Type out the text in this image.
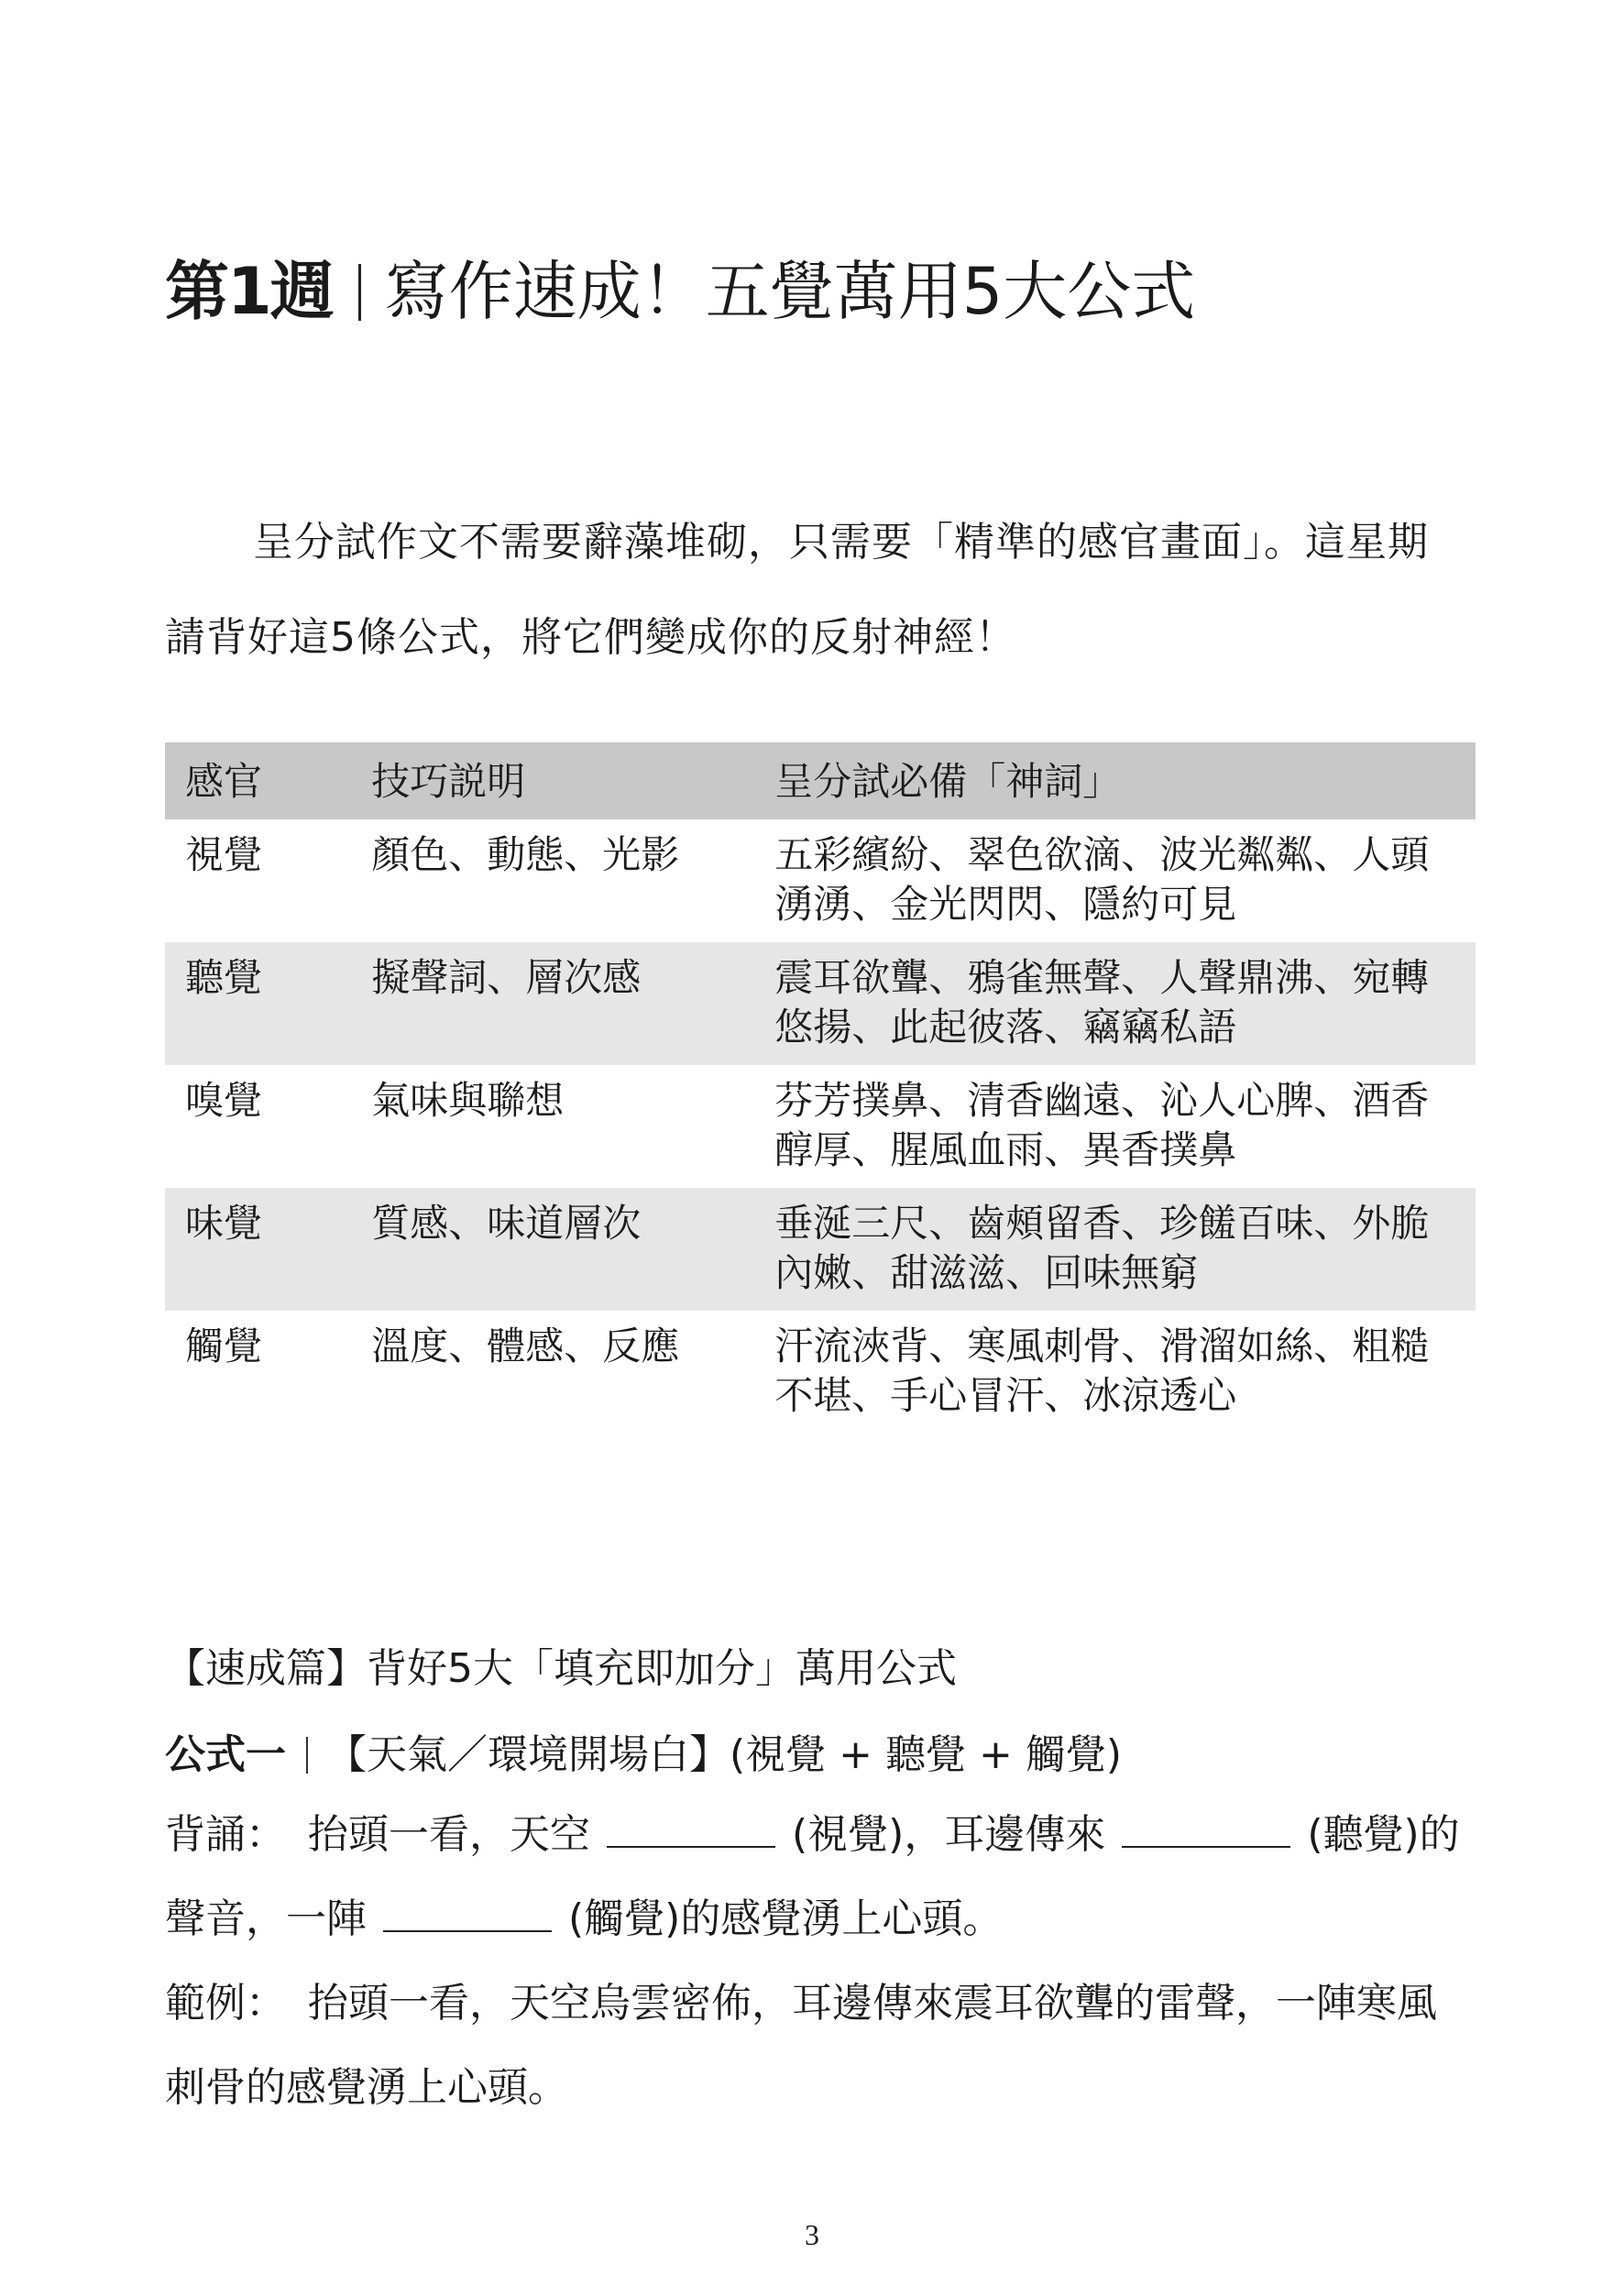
第1週 寫作速成！五覺萬用5大公式

呈分試作文不需要辭藻堆砌，只需要「精準的感官畫面」。這星期請背好這5條公式，將它們變成你的反射神經！

感官	技巧説明	呈分試必備「神詞」
視覺	顏色、動態、光影	五彩繽紛、翠色欲滴、波光粼粼、人頭湧湧、金光閃閃、隱約可見
聽覺	擬聲詞、層次感	震耳欲聾、鴉雀無聲、人聲鼎沸、宛轉悠揚、此起彼落、竊竊私語
嗅覺	氣味與聯想	芬芳撲鼻、清香幽遠、沁人心脾、酒香醇厚、腥風血雨、異香撲鼻
味覺	質感、味道層次	垂涎三尺、齒頰留香、珍饈百味、外脆內嫩、甜滋滋、回味無窮
觸覺	溫度、體感、反應	汗流浹背、寒風刺骨、滑溜如絲、粗糙不堪、手心冒汗、冰涼透心
【速成篇】背好5大「填充即加分」萬用公式
公式一 【天氣／環境開場白】(視覺 + 聽覺 + 觸覺)

背誦： 抬頭一看，天空	(視覺)，耳邊傳來	(聽覺)的聲音，一陣	(觸覺)的感覺湧上心頭。

範例： 抬頭一看，天空烏雲密佈，耳邊傳來震耳欲聾的雷聲，一陣寒風刺骨的感覺湧上心頭。

3
